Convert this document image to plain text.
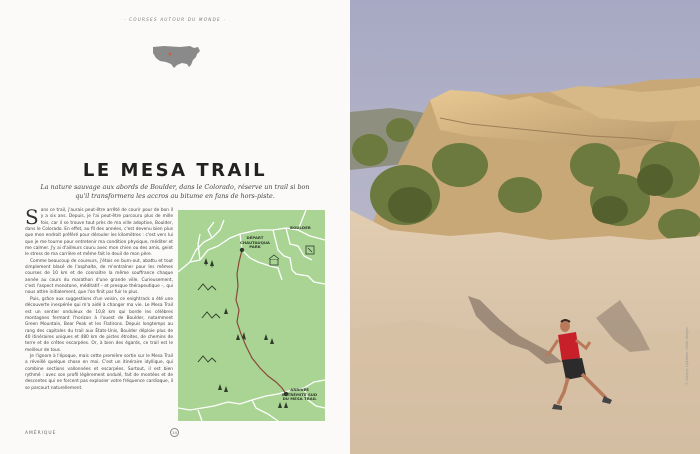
· COURSES AUTOUR DU MONDE ·
LE MESA TRAIL
La nature sauvage aux abords de Boulder, dans le Colorado, réserve un trail si bon qu'il transformera les accros au bitume en fans de hors-piste.

Sans ce trail, j'aurais peut-être arrêté de courir pour de bon il y a six ans. Depuis, je l'ai peut-être parcouru plus de mille fois, car il se trouve tout près de ma ville adoptive, Boulder, dans le Colorado. En effet, au fil des années, c'est devenu bien plus que mon endroit préféré pour dérouler les kilomètres : c'est vers lui que je me tourne pour entretenir ma condition physique, méditer et me calmer. J'y ai d'ailleurs couru avec mon chien ou des amis, geint le stress de ma carrière et même fait le deuil de mon père.

Comme beaucoup de coureurs, j'étais en burn-out, abattu et tout simplement blasé de l'asphalte, de m'entraîner pour les mêmes courses de 10 km et de connaître la même souffrance chaque année au cours du marathon d'une grande ville. Curieusement, c'est l'aspect monotone, méditatif – et presque thérapeutique –, qui nous attire initialement, que l'on finit par fuir le plus.

Puis, grâce aux suggestions d'un voisin, ce enightrack a été une découverte inespérée qui m'a aidé à changer ma vie. Le Mesa Trail est un sentier onduleux de 10,8 km qui borde les célèbres montagnes fermant l'horizon à l'ouest de Boulder, notamment Green Mountain, Bear Peak et les Flatirons. Depuis longtemps au rang des capitales du trail aux États-Unis, Boulder déploie plus de 40 itinéraires uniques et 480 km de pistes étroites, de chemins de terre et de crêtes escarpées. Or, à bien des égards, ce trail est le meilleur de tous.

Je l'ignore à l'époque, mais cette première sortie sur le Mesa Trail a réveillé quelque chose en moi. C'est un itinéraire idyllique, qui combine sections vallonnées et escarpées. Surtout, il est bien rythmé : avec son profil légèrement ondulé, fait de montées et de descentes qui ne forcent pas explosier votre fréquence cardiaque, il se parcourt naturellement.

BOULDER
DÉPART
CHAUTAUQUA
PARK
ARRIVÉE
EXTRÉMITÉ SUD
DU MESA TRAIL
AMÉRIQUE	14
© Gregory Lightmen / Getty Images
